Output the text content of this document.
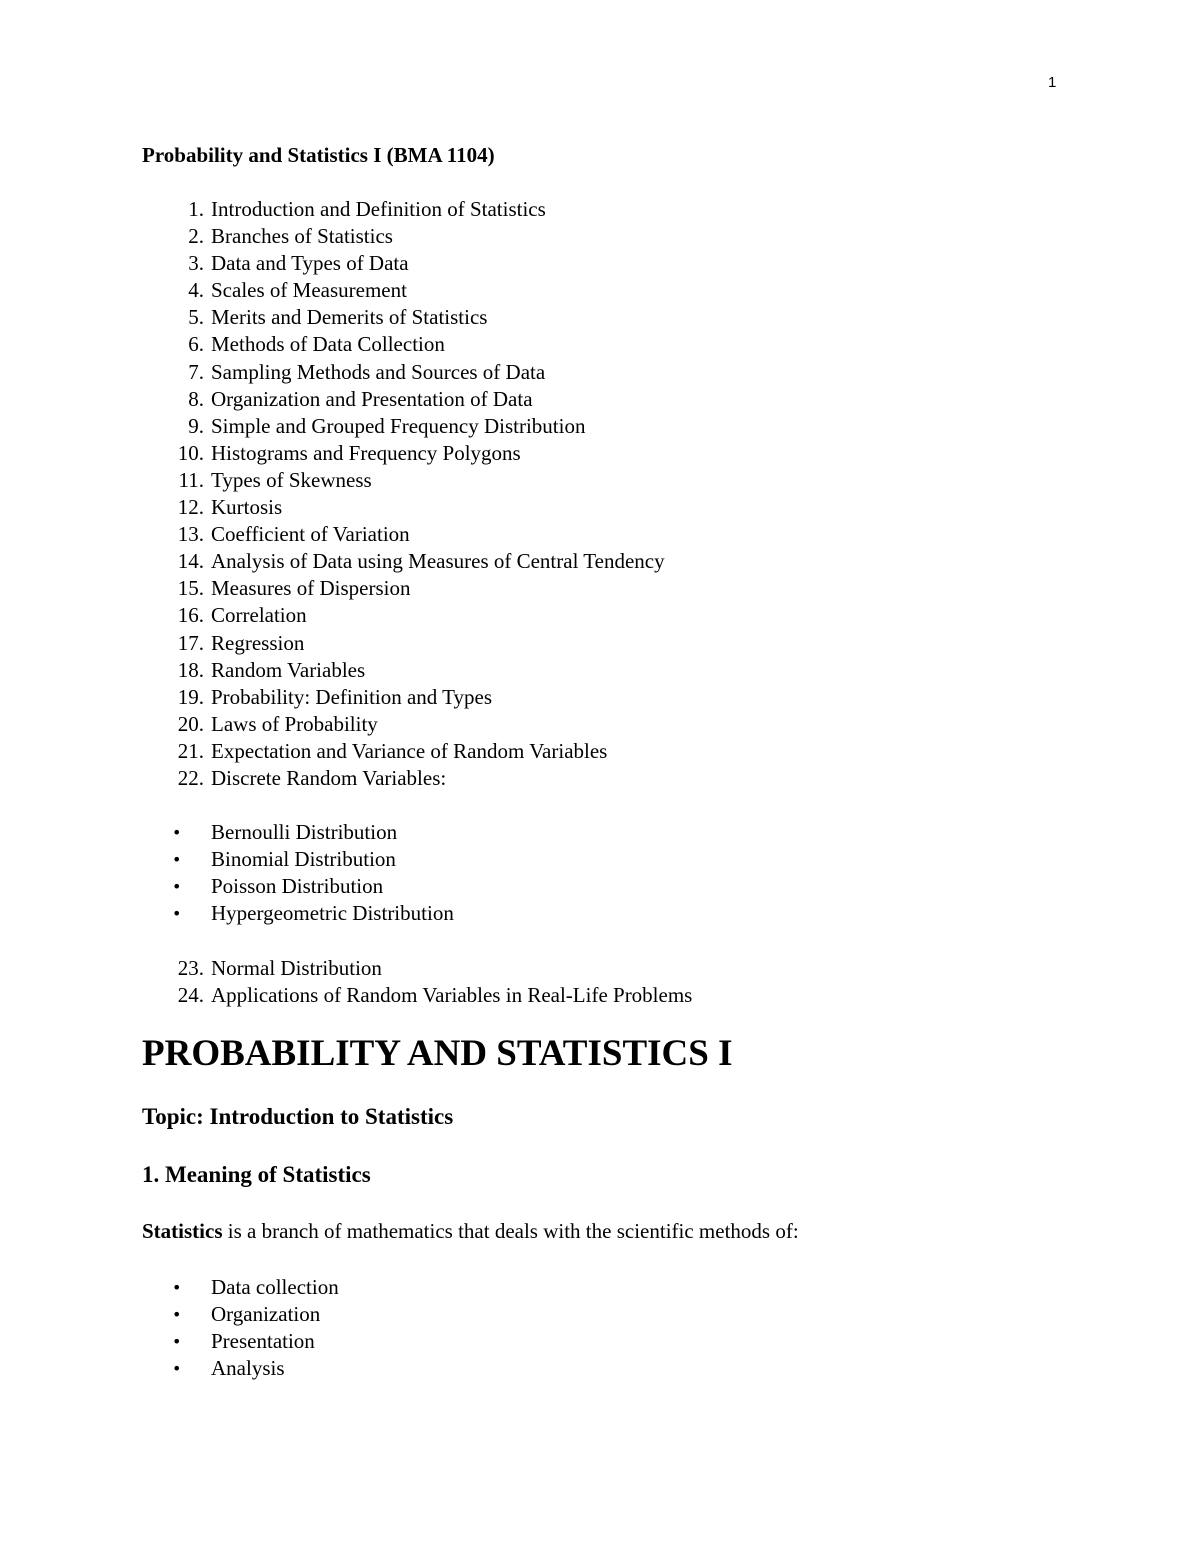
1
Probability and Statistics I (BMA 1104)
1. Introduction and Definition of Statistics
2. Branches of Statistics
3. Data and Types of Data
4. Scales of Measurement
5. Merits and Demerits of Statistics
6. Methods of Data Collection
7. Sampling Methods and Sources of Data
8. Organization and Presentation of Data
9. Simple and Grouped Frequency Distribution
10. Histograms and Frequency Polygons
11. Types of Skewness
12. Kurtosis
13. Coefficient of Variation
14. Analysis of Data using Measures of Central Tendency
15. Measures of Dispersion
16. Correlation
17. Regression
18. Random Variables
19. Probability: Definition and Types
20. Laws of Probability
21. Expectation and Variance of Random Variables
22. Discrete Random Variables:
• Bernoulli Distribution
• Binomial Distribution
• Poisson Distribution
• Hypergeometric Distribution
23. Normal Distribution
24. Applications of Random Variables in Real-Life Problems
PROBABILITY AND STATISTICS I
Topic: Introduction to Statistics
1. Meaning of Statistics

Statistics is a branch of mathematics that deals with the scientific methods of:

• Data collection
• Organization
• Presentation
• Analysis
